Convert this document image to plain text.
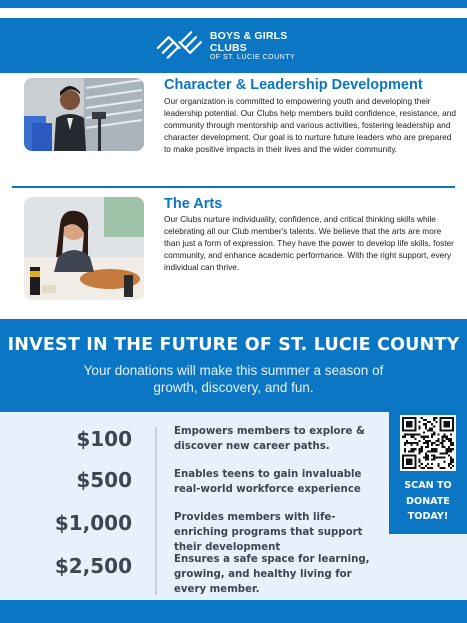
BOYS & GIRLS CLUBS
OF ST. LUCIE COUNTY
Character & Leadership Development
Our organization is committed to empowering youth and developing their leadership potential. Our Clubs help members build confidence, resistance, and community through mentorship and various activities, fostering leadership and character development. Our goal is to nurture future leaders who are prepared to make positive impacts in their lives and the wider community.
The Arts
Our Clubs nurture individuality, confidence, and critical thinking skills while celebrating all our Club member's talents. We believe that the arts are more than just a form of expression. They have the power to develop life skills, foster community, and enhance academic performance. With the right support, every individual can thrive.
INVEST IN THE FUTURE OF ST. LUCIE COUNTY
Your donations will make this summer a season of growth, discovery, and fun.
$100	Empowers members to explore & discover new career paths.
$500	Enables teens to gain invaluable real-world workforce experience
$1,000	Provides members with life-enriching programs that support their development
$2,500	Ensures a safe space for learning, growing, and healthy living for every member.
SCAN TO
DONATE
TODAY!
